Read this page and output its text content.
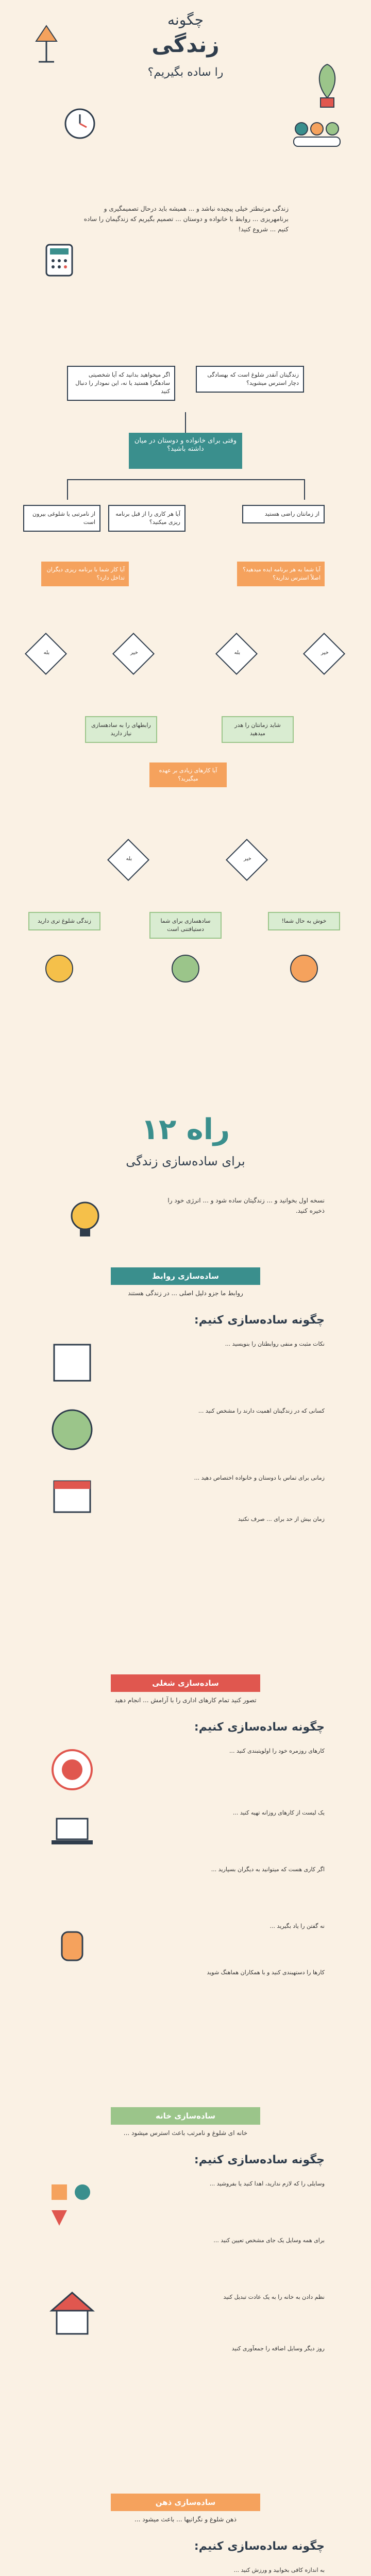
چگونه
زندگی
را ساده بگیریم؟
زندگی مرتبطتر خیلی پیچیده نباشد و ... همیشه باید درحال تصمیمگیری و برنامهریزی ... روابط با خانواده و دوستان ... تصمیم بگیریم که زندگیمان را ساده کنیم ... شروع کنید!
اگر میخواهید بدانید که آیا شخصیتی سادهگرا هستید یا نه، این نمودار را دنبال کنید
زندگیتان آنقدر شلوغ است که بهسادگی دچار استرس میشوید؟
وقتی برای خانواده و دوستان در میان داشته باشید؟
از نامرتبی یا شلوغی بیرون است
آیا هر کاری را از قبل برنامه ریزی میکنید؟
از زمانتان راضی هستید
آیا کار شما با برنامه ریزی دیگران تداخل دارد؟
آیا شما به هر برنامه ایده میدهید؟ اصلاً استرس ندارید؟
بله	خیر	بله	خیر
رابطهای را به سادهسازی نیاز دارید
آیا کارهای زیادی بر عهده میگیرید؟
شاید زمانتان را هدر میدهید
بله	خیر
زندگی شلوغ تری دارید	سادهسازی برای شما دستیافتنی است
خوش به حال شما!
۱۲ راه
برای ساده‌سازی زندگی
نسخه اول بخوانید و ... زندگیتان ساده شود و ... انرژی خود را ذخیره کنید.
ساده‌سازی روابط
روابط ما جزو دلیل اصلی ... در زندگی هستند
چگونه ساده‌سازی کنیم:
نکات مثبت و منفی روابطتان را بنویسید ...
کسانی که در زندگیتان اهمیت دارند را مشخص کنید ...
زمانی برای تماس با دوستان و خانواده اختصاص دهید ...
زمان بیش از حد برای ... صرف نکنید
ساده‌سازی شغلی
تصور کنید تمام کارهای اداری را با آرامش ... انجام دهید
چگونه ساده‌سازی کنیم:
کارهای روزمره خود را اولویتبندی کنید ...
یک لیست از کارهای روزانه تهیه کنید ...
اگر کاری هست که میتوانید به دیگران بسپارید ...
نه گفتن را یاد بگیرید ...
کارها را دستهبندی کنید و با همکاران هماهنگ شوید
ساده‌سازی خانه
خانه ای شلوغ و نامرتب باعث استرس میشود ...
چگونه ساده‌سازی کنیم:
وسایلی را که لازم ندارید، اهدا کنید یا بفروشید ...
برای همه وسایل یک جای مشخص تعیین کنید ...
نظم دادن به خانه را به یک عادت تبدیل کنید
روز دیگر وسایل اضافه را جمعآوری کنید
ساده‌سازی ذهن
ذهن شلوغ و نگرانیها ... باعث میشود ...
چگونه ساده‌سازی کنیم:
به اندازه کافی بخوابید و ورزش کنید ...
